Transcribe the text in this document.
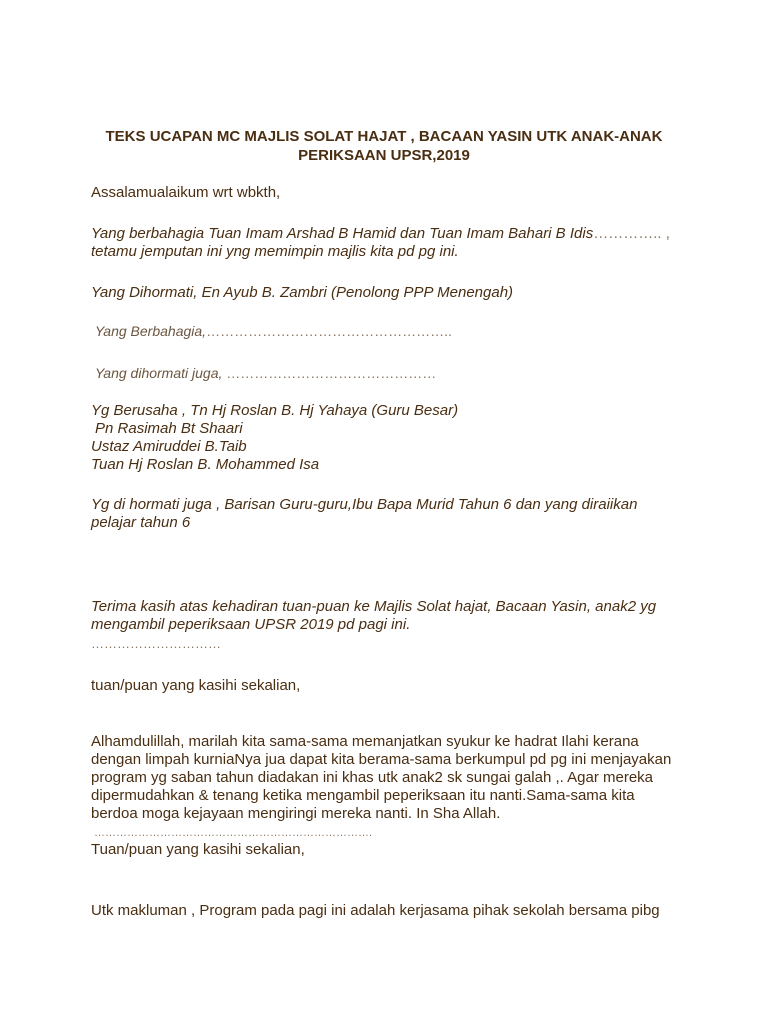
TEKS UCAPAN MC MAJLIS SOLAT HAJAT , BACAAN YASIN UTK ANAK-ANAK

PERIKSAAN UPSR,2019

Assalamualaikum wrt wbkth,

Yang berbahagia Tuan Imam Arshad B Hamid dan Tuan Imam Bahari B Idis………….. ,

tetamu jemputan ini yng memimpin majlis kita pd pg ini.

Yang Dihormati, En Ayub B. Zambri (Penolong PPP Menengah)

Yang Berbahagia,……………………………………………..

Yang dihormati juga, ………………………………………

Yg Berusaha , Tn Hj Roslan B. Hj Yahaya (Guru Besar)

Pn Rasimah Bt Shaari

Ustaz Amiruddei B.Taib

Tuan Hj Roslan B. Mohammed Isa

Yg di hormati juga , Barisan Guru-guru,Ibu Bapa Murid Tahun 6 dan yang diraiikan

pelajar tahun 6

Terima kasih atas kehadiran tuan-puan ke Majlis Solat hajat, Bacaan Yasin, anak2 yg

mengambil peperiksaan UPSR 2019 pd pagi ini.

…………………………

tuan/puan yang kasihi sekalian,

Alhamdulillah, marilah kita sama-sama memanjatkan syukur ke hadrat Ilahi kerana

dengan limpah kurniaNya jua dapat kita berama-sama berkumpul pd pg ini menjayakan

program yg saban tahun diadakan ini khas utk anak2 sk sungai galah ,. Agar mereka

dipermudahkan & tenang ketika mengambil peperiksaan itu nanti.Sama-sama kita

berdoa moga kejayaan mengiringi mereka nanti. In Sha Allah.

………………………………………………………………….

Tuan/puan yang kasihi sekalian,

Utk makluman , Program pada pagi ini adalah kerjasama pihak sekolah bersama pibg
